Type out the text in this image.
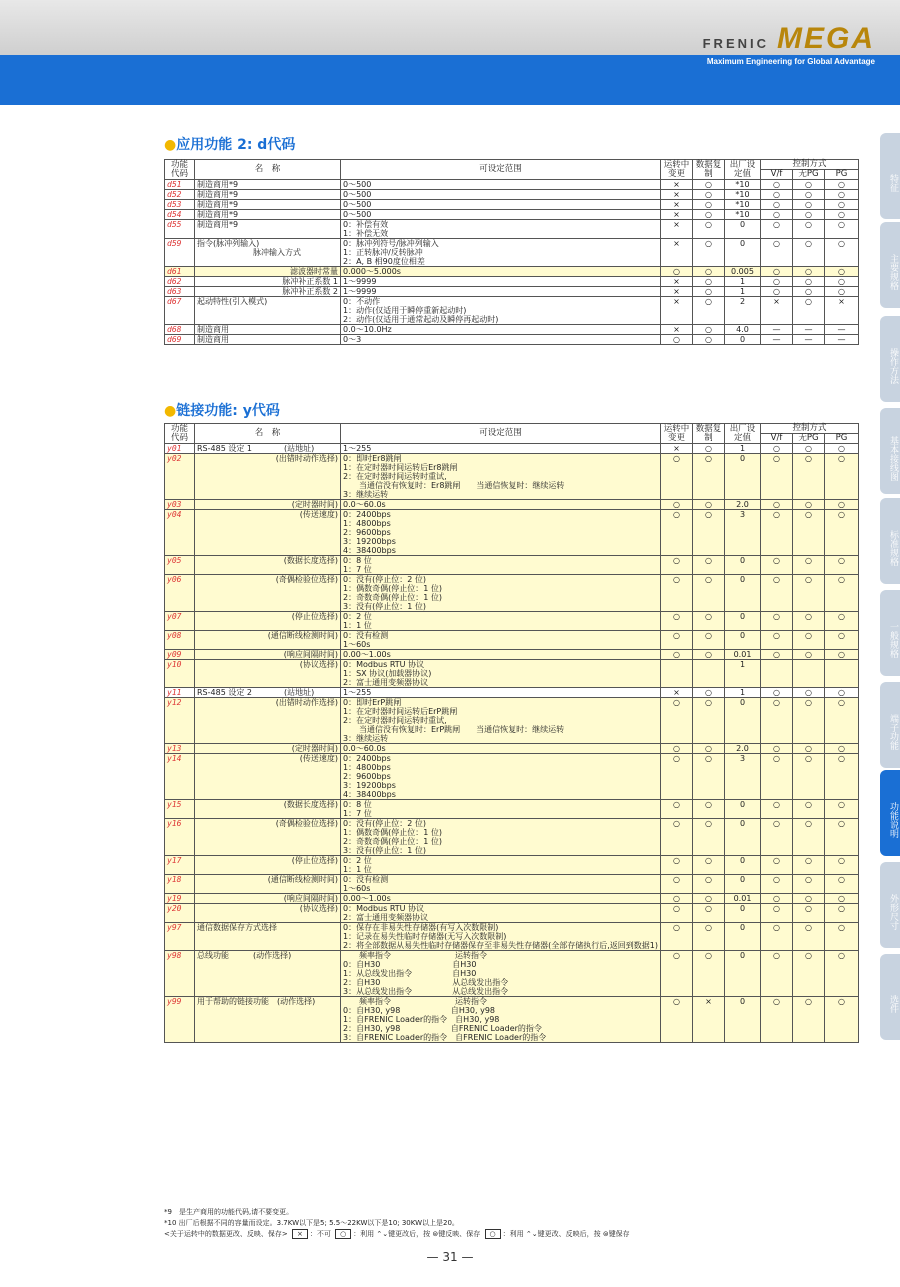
FRENIC MEGA
Maximum Engineering for Global Advantage
●应用功能 2: d代码
功能代码	名　称	可设定范围	运转中变更	数据复制	出厂设定值	控制方式		
						V/f	无PG	PG
d51	制造商用*9	0～500	×	○	*10	○	○	○
d52	制造商用*9	0～500	×	○	*10	○	○	○
d53	制造商用*9	0～500	×	○	*10	○	○	○
d54	制造商用*9	0～500	×	○	*10	○	○	○
d55	制造商用*9	0：补偿有效
1：补偿无效	×	○	0	○	○	○
d59	指令(脉冲列输入)
　　　　　　　脉冲输入方式	0：脉冲列符号/脉冲列输入
1：正转脉冲/反转脉冲
2：A, B 相90度位相差	×	○	0	○	○	○
d61	滤波器时常量	0.000～5.000s	○	○	0.005	○	○	○
d62	脉冲补正系数 1	1～9999	×	○	1	○	○	○
d63	脉冲补正系数 2	1～9999	×	○	1	○	○	○
d67	起动特性(引入模式)	0：不动作
1：动作(仅适用于瞬停重新起动时)
2：动作(仅适用于通常起动及瞬停再起动时)	×	○	2	×	○	×
d68	制造商用	0.0～10.0Hz	×	○	4.0	—	—	—
d69	制造商用	0～3	○	○	0	—	—	—
●链接功能: y代码
功能代码	名　称	可设定范围	运转中变更	数据复制	出厂设定值	控制方式		
						V/f	无PG	PG
y01	RS-485 设定 1　　　　(站地址)	1～255	×	○	1	○	○	○
y02	(出错时动作选择)	0：即时Er8跳闸
1：在定时器时间运转后Er8跳闸
2：在定时器时间运转时重试,
　　当通信没有恢复时：Er8跳闸　　当通信恢复时：继续运转
3：继续运转	○	○	0	○	○	○
y03	(定时器时间)	0.0～60.0s	○	○	2.0	○	○	○
y04	(传送速度)	0：2400bps
1：4800bps
2：9600bps
3：19200bps
4：38400bps	○	○	3	○	○	○
y05	(数据长度选择)	0：8 位
1：7 位	○	○	0	○	○	○
y06	(奇偶检验位选择)	0：没有(停止位：2 位)
1：偶数奇偶(停止位：1 位)
2：奇数奇偶(停止位：1 位)
3：没有(停止位：1 位)	○	○	0	○	○	○
y07	(停止位选择)	0：2 位
1：1 位	○	○	0	○	○	○
y08	(通信断线检测时间)	0：没有检测
1～60s	○	○	0	○	○	○
y09	(响应间隔时间)	0.00～1.00s	○	○	0.01	○	○	○
y10	(协议选择)	0：Modbus RTU 协议
1：SX 协议(加载器协议)
2：富士通用变频器协议			1			
y11	RS-485 设定 2　　　　(站地址)	1～255	×	○	1	○	○	○
y12	(出错时动作选择)	0：即时ErP跳闸
1：在定时器时间运转后ErP跳闸
2：在定时器时间运转时重试,
　　当通信没有恢复时：ErP跳闸　　当通信恢复时：继续运转
3：继续运转	○	○	0	○	○	○
y13	(定时器时间)	0.0～60.0s	○	○	2.0	○	○	○
y14	(传送速度)	0：2400bps
1：4800bps
2：9600bps
3：19200bps
4：38400bps	○	○	3	○	○	○
y15	(数据长度选择)	0：8 位
1：7 位	○	○	0	○	○	○
y16	(奇偶检验位选择)	0：没有(停止位：2 位)
1：偶数奇偶(停止位：1 位)
2：奇数奇偶(停止位：1 位)
3：没有(停止位：1 位)	○	○	0	○	○	○
y17	(停止位选择)	0：2 位
1：1 位	○	○	0	○	○	○
y18	(通信断线检测时间)	0：没有检测
1～60s	○	○	0	○	○	○
y19	(响应间隔时间)	0.00～1.00s	○	○	0.01	○	○	○
y20	(协议选择)	0：Modbus RTU 协议
2：富士通用变频器协议	○	○	0	○	○	○
y97	通信数据保存方式选择	0：保存在非易失性存储器(有写入次数限制)
1：记录在易失性临时存储器(无写入次数限制)
2：将全部数据从易失性临时存储器保存至非易失性存储器(全部存储执行后,返回到数据1)	○	○	0	○	○	○
y98	总线功能　　　(动作选择)	　　频率指令　　　　　　　　运转指令
0：自H30　　　　　　　　　自H30
1：从总线发出指令　　　　　自H30
2：自H30　　　　　　　　　从总线发出指令
3：从总线发出指令　　　　　从总线发出指令	○	○	0	○	○	○
y99	用于帮助的链接功能　(动作选择)	　　频率指令　　　　　　　　运转指令
0：自H30, y98　　　　　　 自H30, y98
1：自FRENIC Loader的指令　自H30, y98
2：自H30, y98　　　　　　 自FRENIC Loader的指令
3：自FRENIC Loader的指令　自FRENIC Loader的指令	○	×	0	○	○	○
*9　是生产商用的功能代码,请不要变更。
*10 出厂后根据不同的容量而设定。3.7KW以下是5; 5.5～22KW以下是10; 30KW以上是20。
<关于运转中的数据更改、反映、保存> × ：不可 ○ ：利用 ⌃⌄键更改后，按 ⊜键反映、保存 ○ ：利用 ⌃⌄键更改、反映后，按 ⊜键保存
— 31 —
特征
主要规格
操作方法
基本接线图
标准规格
一般规格
端子功能
功能说明
外形尺寸
选件
